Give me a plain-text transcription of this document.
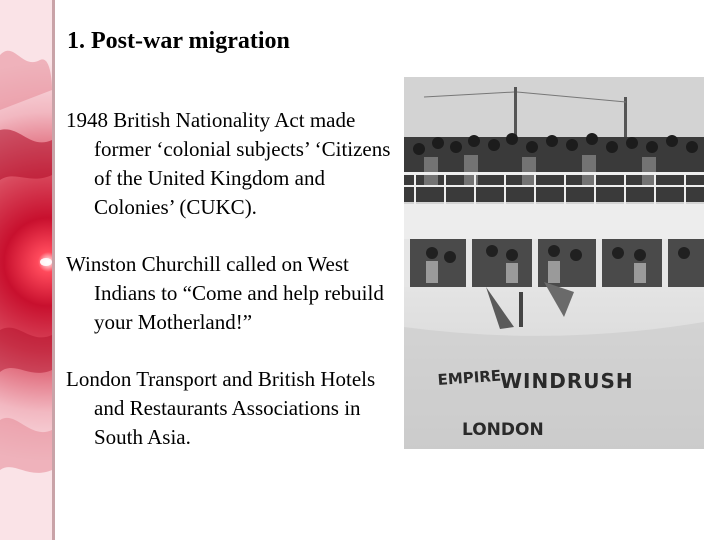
1. Post-war migration

1948 British Nationality Act made former ‘colonial subjects’ ‘Citizens of the United Kingdom and Colonies’ (CUKC).

Winston Churchill called on West Indians to “Come and help rebuild your Motherland!”

London Transport and British Hotels and Restaurants Associations in South Asia.

EMPIRE
WINDRUSH
LONDON
